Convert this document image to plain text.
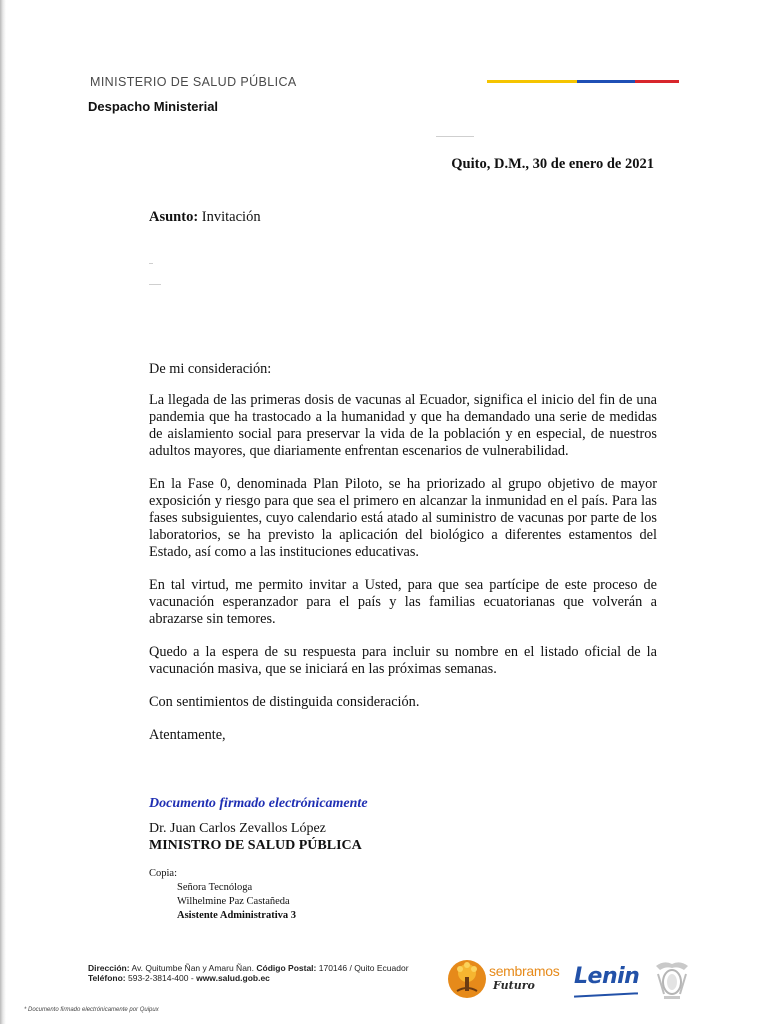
MINISTERIO DE SALUD PÚBLICA
Despacho Ministerial
Quito, D.M., 30 de enero de 2021
Asunto: Invitación

De mi consideración:

La llegada de las primeras dosis de vacunas al Ecuador, significa el inicio del fin de una pandemia que ha trastocado a la humanidad y que ha demandado una serie de medidas de aislamiento social para preservar la vida de la población y en especial, de nuestros adultos mayores, que diariamente enfrentan escenarios de vulnerabilidad.

En la Fase 0, denominada Plan Piloto, se ha priorizado al grupo objetivo de mayor exposición y riesgo para que sea el primero en alcanzar la inmunidad en el país. Para las fases subsiguientes, cuyo calendario está atado al suministro de vacunas por parte de los laboratorios, se ha previsto la aplicación del biológico a diferentes estamentos del Estado, así como a las instituciones educativas.

En tal virtud, me permito invitar a Usted, para que sea partícipe de este proceso de vacunación esperanzador para el país y las familias ecuatorianas que volverán a abrazarse sin temores.

Quedo a la espera de su respuesta para incluir su nombre en el listado oficial de la vacunación masiva, que se iniciará en las próximas semanas.

Con sentimientos de distinguida consideración.

Atentamente,

Documento firmado electrónicamente
Dr. Juan Carlos Zevallos López
MINISTRO DE SALUD PÚBLICA
Copia:
Señora Tecnóloga
Wilhelmine Paz Castañeda
Asistente Administrativa 3
Dirección: Av. Quitumbe Ñan y Amaru Ñan. Código Postal: 170146 / Quito Ecuador
Teléfono: 593-2-3814-400 - www.salud.gob.ec
* Documento firmado electrónicamente por Quipux
sembramos
Futuro Lenin
